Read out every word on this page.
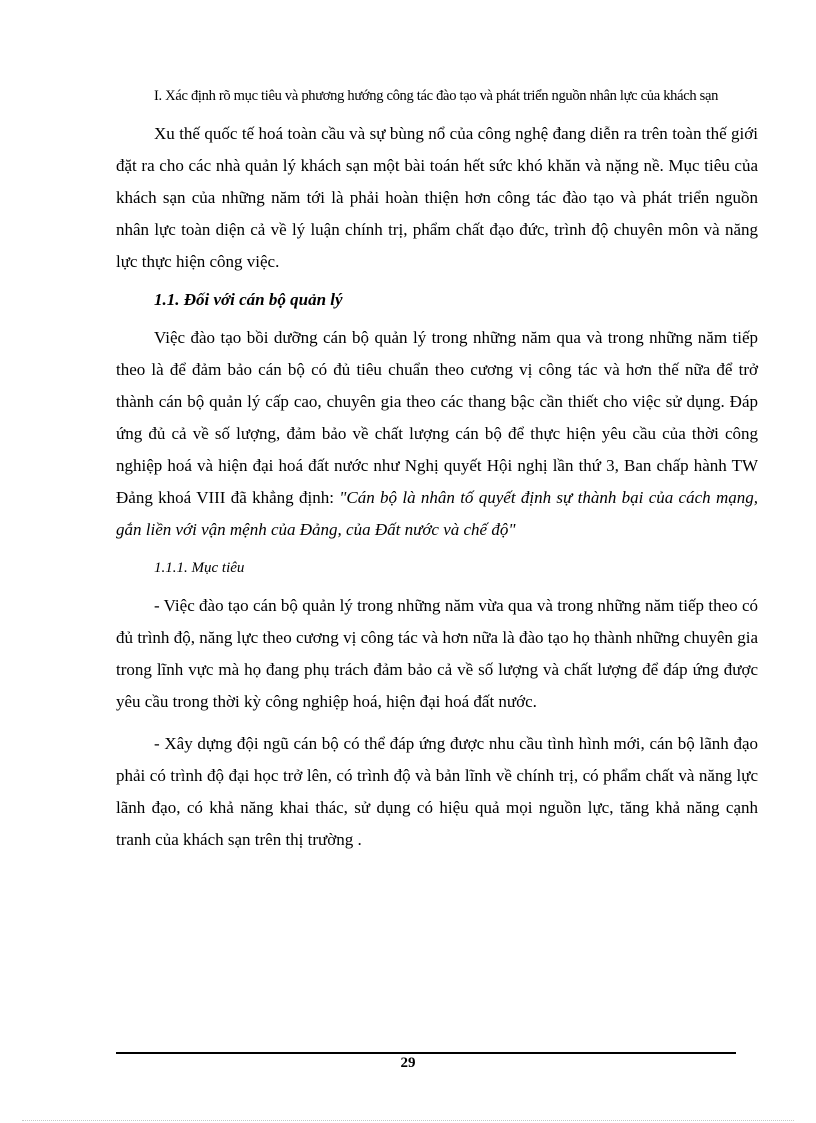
I. Xác định rõ mục tiêu và phương hướng công tác đào tạo và phát triển nguồn nhân lực của khách sạn

Xu thế quốc tế hoá toàn cầu và sự bùng nổ của công nghệ đang diễn ra trên toàn thế giới đặt ra cho các nhà quản lý khách sạn một bài toán hết sức khó khăn và nặng nề. Mục tiêu của khách sạn của những năm tới là phải hoàn thiện hơn công tác đào tạo và phát triển nguồn nhân lực toàn diện cả về lý luận chính trị, phẩm chất đạo đức, trình độ chuyên môn và năng lực thực hiện công việc.

1.1. Đối với cán bộ quản lý

Việc đào tạo bồi dưỡng cán bộ quản lý trong những năm qua và trong những năm tiếp theo là để đảm bảo cán bộ có đủ tiêu chuẩn theo cương vị công tác và hơn thế nữa để trở thành cán bộ quản lý cấp cao, chuyên gia theo các thang bậc cần thiết cho việc sử dụng. Đáp ứng đủ cả về số lượng, đảm bảo về chất lượng cán bộ để thực hiện yêu cầu của thời công nghiệp hoá và hiện đại hoá đất nước như Nghị quyết Hội nghị lần thứ 3, Ban chấp hành TW Đảng khoá VIII đã khẳng định: "Cán bộ là nhân tố quyết định sự thành bại của cách mạng, gắn liền với vận mệnh của Đảng, của Đất nước và chế độ"

1.1.1. Mục tiêu

- Việc đào tạo cán bộ quản lý trong những năm vừa qua và trong những năm tiếp theo có đủ trình độ, năng lực theo cương vị công tác và hơn nữa là đào tạo họ thành những chuyên gia trong lĩnh vực mà họ đang phụ trách đảm bảo cả về số lượng và chất lượng để đáp ứng được yêu cầu trong thời kỳ công nghiệp hoá, hiện đại hoá đất nước.

- Xây dựng đội ngũ cán bộ có thể đáp ứng được nhu cầu tình hình mới, cán bộ lãnh đạo phải có trình độ đại học trở lên, có trình độ và bản lĩnh về chính trị, có phẩm chất và năng lực lãnh đạo, có khả năng khai thác, sử dụng có hiệu quả mọi nguồn lực, tăng khả năng cạnh tranh của khách sạn trên thị trường .

29
